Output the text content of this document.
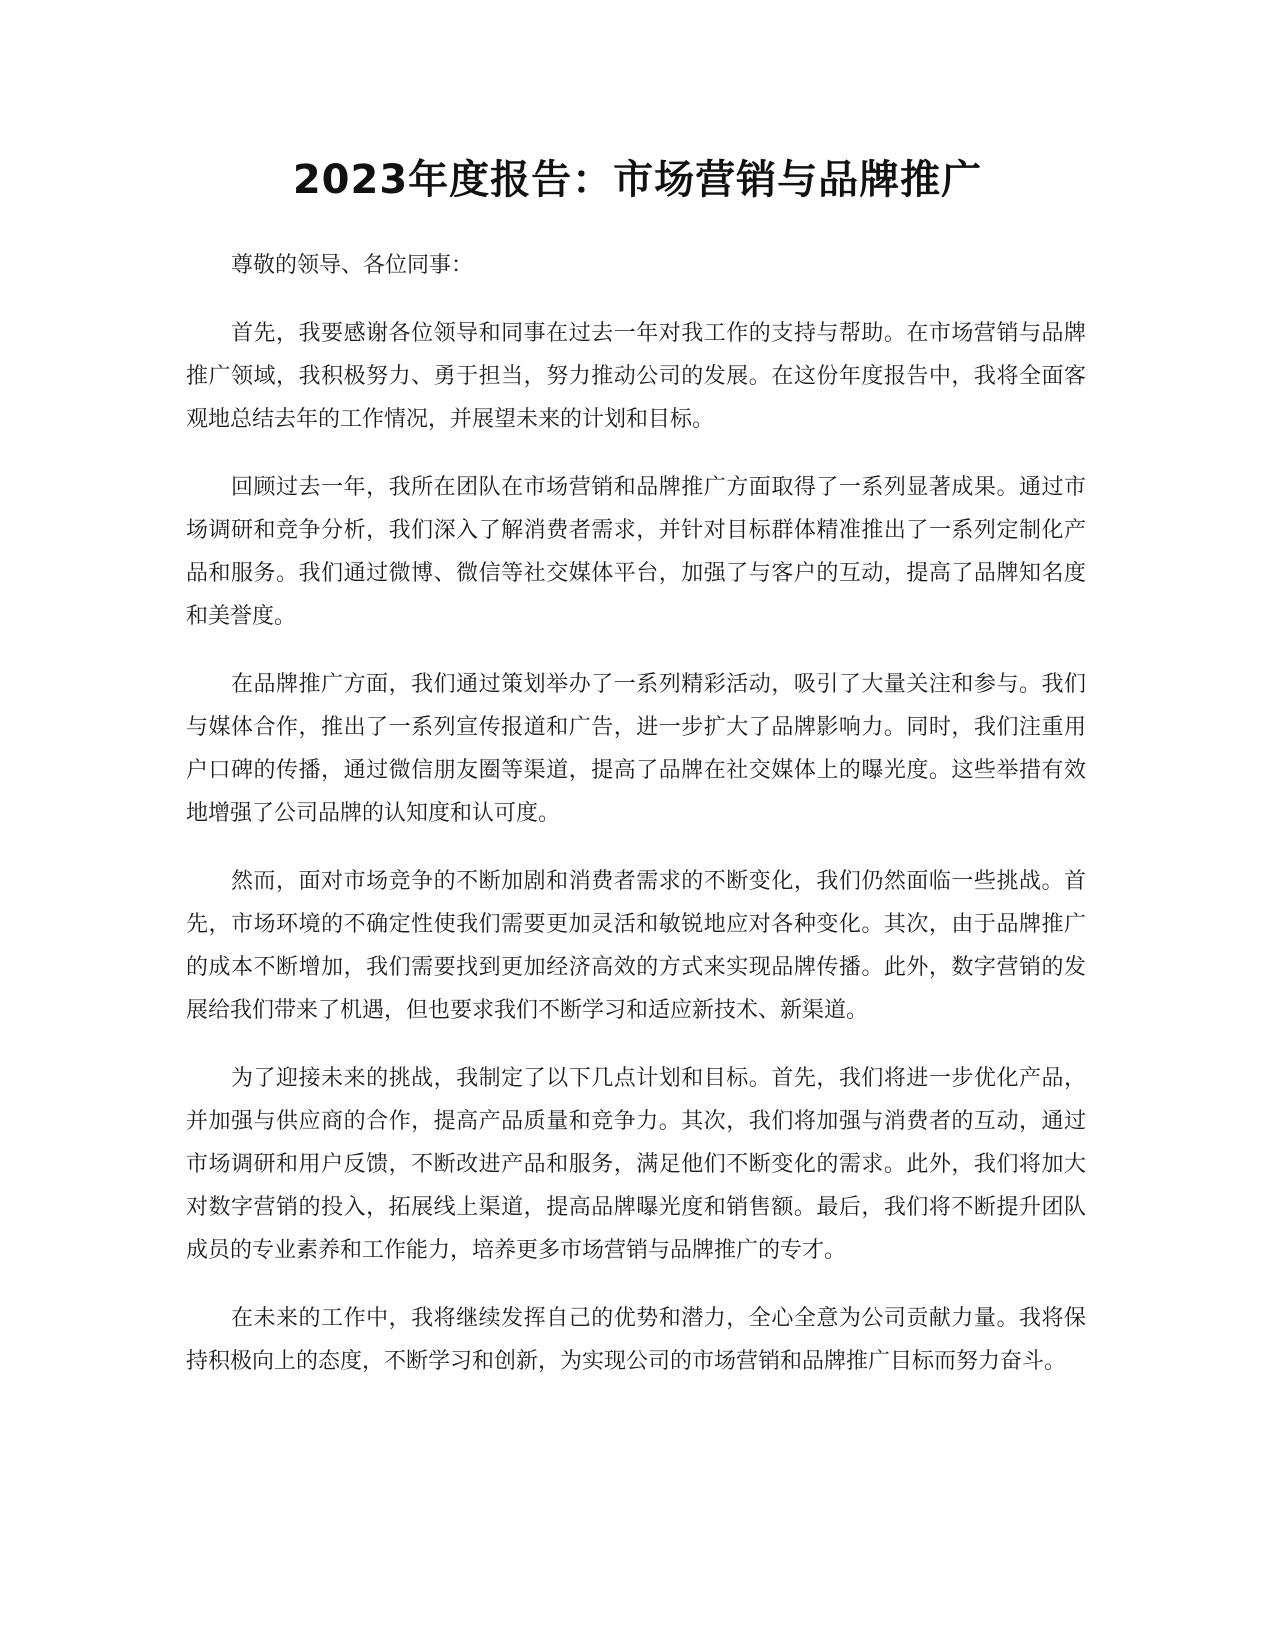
2023年度报告：市场营销与品牌推广

尊敬的领导、各位同事：

首先，我要感谢各位领导和同事在过去一年对我工作的支持与帮助。在市场营销与品牌推广领域，我积极努力、勇于担当，努力推动公司的发展。在这份年度报告中，我将全面客观地总结去年的工作情况，并展望未来的计划和目标。

回顾过去一年，我所在团队在市场营销和品牌推广方面取得了一系列显著成果。通过市场调研和竞争分析，我们深入了解消费者需求，并针对目标群体精准推出了一系列定制化产品和服务。我们通过微博、微信等社交媒体平台，加强了与客户的互动，提高了品牌知名度和美誉度。

在品牌推广方面，我们通过策划举办了一系列精彩活动，吸引了大量关注和参与。我们与媒体合作，推出了一系列宣传报道和广告，进一步扩大了品牌影响力。同时，我们注重用户口碑的传播，通过微信朋友圈等渠道，提高了品牌在社交媒体上的曝光度。这些举措有效地增强了公司品牌的认知度和认可度。

然而，面对市场竞争的不断加剧和消费者需求的不断变化，我们仍然面临一些挑战。首先，市场环境的不确定性使我们需要更加灵活和敏锐地应对各种变化。其次，由于品牌推广的成本不断增加，我们需要找到更加经济高效的方式来实现品牌传播。此外，数字营销的发展给我们带来了机遇，但也要求我们不断学习和适应新技术、新渠道。

为了迎接未来的挑战，我制定了以下几点计划和目标。首先，我们将进一步优化产品，并加强与供应商的合作，提高产品质量和竞争力。其次，我们将加强与消费者的互动，通过市场调研和用户反馈，不断改进产品和服务，满足他们不断变化的需求。此外，我们将加大对数字营销的投入，拓展线上渠道，提高品牌曝光度和销售额。最后，我们将不断提升团队成员的专业素养和工作能力，培养更多市场营销与品牌推广的专才。

在未来的工作中，我将继续发挥自己的优势和潜力，全心全意为公司贡献力量。我将保持积极向上的态度，不断学习和创新，为实现公司的市场营销和品牌推广目标而努力奋斗。
